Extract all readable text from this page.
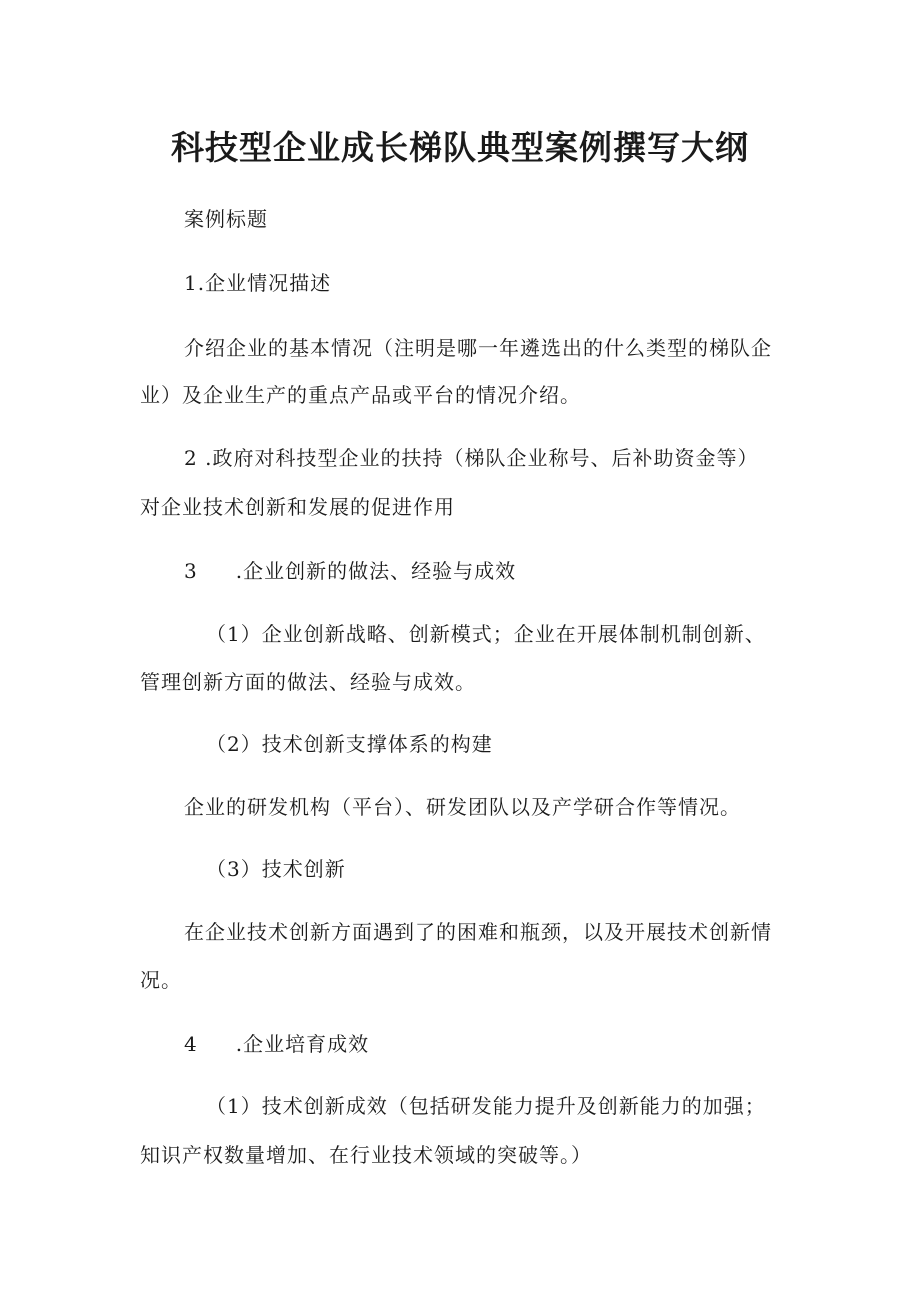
科技型企业成长梯队典型案例撰写大纲
案例标题
1.企业情况描述
介绍企业的基本情况（注明是哪一年遴选出的什么类型的梯队企
业）及企业生产的重点产品或平台的情况介绍。
2 .政府对科技型企业的扶持（梯队企业称号、后补助资金等）
对企业技术创新和发展的促进作用
3 .企业创新的做法、经验与成效
（1）企业创新战略、创新模式；企业在开展体制机制创新、
管理创新方面的做法、经验与成效。
（2）技术创新支撑体系的构建
企业的研发机构（平台）、研发团队以及产学研合作等情况。
（3）技术创新
在企业技术创新方面遇到了的困难和瓶颈，以及开展技术创新情
况。
4 .企业培育成效
（1）技术创新成效（包括研发能力提升及创新能力的加强；
知识产权数量增加、在行业技术领域的突破等。）
